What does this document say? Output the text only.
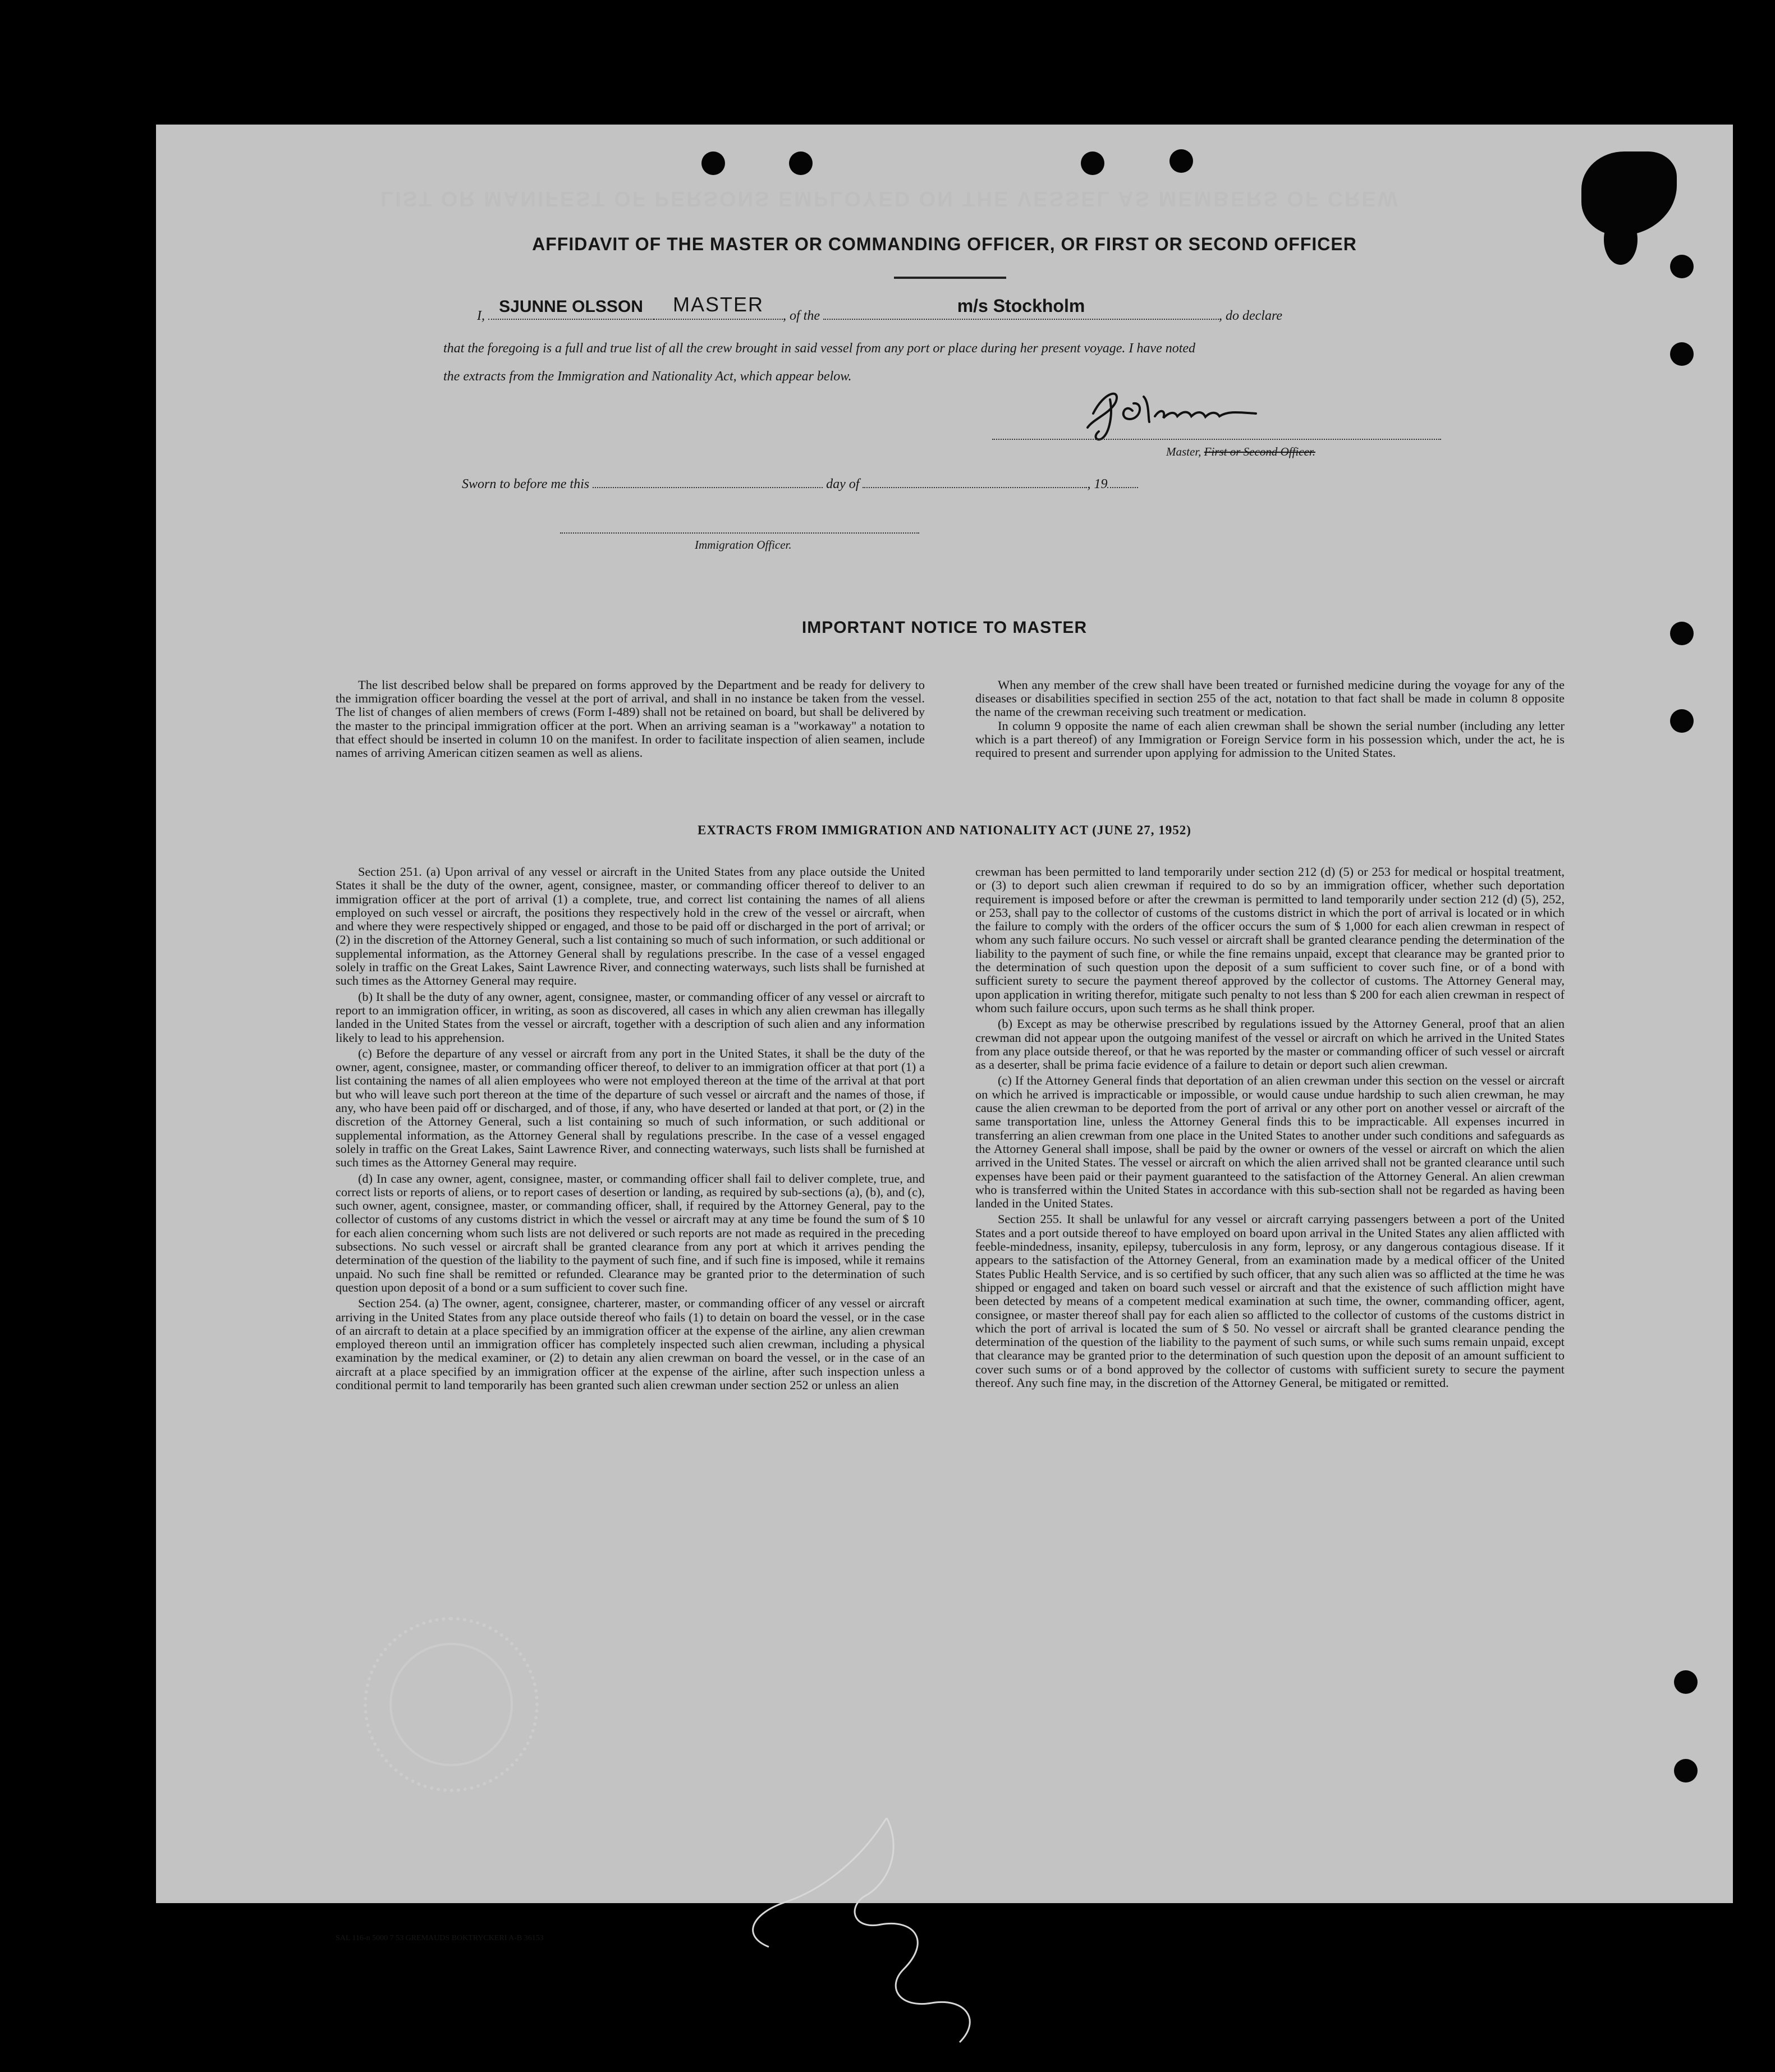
LIST OR MANIFEST OF PERSONS EMPLOYED ON THE VESSEL AS MEMBERS OF CREW
AFFIDAVIT OF THE MASTER OR COMMANDING OFFICER, OR FIRST OR SECOND OFFICER
I, SJUNNE OLSSON	MASTER	, of the	m/s Stockholm	, do declare
that the foregoing is a full and true list of all the crew brought in said vessel from any port or place during her present voyage. I have noted
the extracts from the Immigration and Nationality Act, which appear below.
Master, First or Second Officer.
Sworn to before me this	day of	, 19
Immigration Officer.
IMPORTANT NOTICE TO MASTER

The list described below shall be prepared on forms approved by the Department and be ready for delivery to the immigration officer boarding the vessel at the port of arrival, and shall in no instance be taken from the vessel. The list of changes of alien members of crews (Form I-489) shall not be retained on board, but shall be delivered by the master to the principal immigration officer at the port. When an arriving seaman is a "workaway" a notation to that effect should be inserted in column 10 on the manifest. In order to facilitate inspection of alien seamen, include names of arriving American citizen seamen as well as aliens.

When any member of the crew shall have been treated or furnished medicine during the voyage for any of the diseases or disabilities specified in section 255 of the act, notation to that fact shall be made in column 8 opposite the name of the crewman receiving such treatment or medication.

In column 9 opposite the name of each alien crewman shall be shown the serial number (including any letter which is a part thereof) of any Immigration or Foreign Service form in his possession which, under the act, he is required to present and surrender upon applying for admission to the United States.

EXTRACTS FROM IMMIGRATION AND NATIONALITY ACT (JUNE 27, 1952)

Section 251. (a) Upon arrival of any vessel or aircraft in the United States from any place outside the United States it shall be the duty of the owner, agent, consignee, master, or commanding officer thereof to deliver to an immigration officer at the port of arrival (1) a complete, true, and correct list containing the names of all aliens employed on such vessel or aircraft, the positions they respectively hold in the crew of the vessel or aircraft, when and where they were respectively shipped or engaged, and those to be paid off or discharged in the port of arrival; or (2) in the discretion of the Attorney General, such a list containing so much of such information, or such additional or supplemental information, as the Attorney General shall by regulations prescribe. In the case of a vessel engaged solely in traffic on the Great Lakes, Saint Lawrence River, and connecting waterways, such lists shall be furnished at such times as the Attorney General may require.

(b) It shall be the duty of any owner, agent, consignee, master, or commanding officer of any vessel or aircraft to report to an immigration officer, in writing, as soon as discovered, all cases in which any alien crewman has illegally landed in the United States from the vessel or aircraft, together with a description of such alien and any information likely to lead to his apprehension.

(c) Before the departure of any vessel or aircraft from any port in the United States, it shall be the duty of the owner, agent, consignee, master, or commanding officer thereof, to deliver to an immigration officer at that port (1) a list containing the names of all alien employees who were not employed thereon at the time of the arrival at that port but who will leave such port thereon at the time of the departure of such vessel or aircraft and the names of those, if any, who have been paid off or discharged, and of those, if any, who have deserted or landed at that port, or (2) in the discretion of the Attorney General, such a list containing so much of such information, or such additional or supplemental information, as the Attorney General shall by regulations prescribe. In the case of a vessel engaged solely in traffic on the Great Lakes, Saint Lawrence River, and connecting waterways, such lists shall be furnished at such times as the Attorney General may require.

(d) In case any owner, agent, consignee, master, or commanding officer shall fail to deliver complete, true, and correct lists or reports of aliens, or to report cases of desertion or landing, as required by sub-sections (a), (b), and (c), such owner, agent, consignee, master, or commanding officer, shall, if required by the Attorney General, pay to the collector of customs of any customs district in which the vessel or aircraft may at any time be found the sum of $ 10 for each alien concerning whom such lists are not delivered or such reports are not made as required in the preceding subsections. No such vessel or aircraft shall be granted clearance from any port at which it arrives pending the determination of the question of the liability to the payment of such fine, and if such fine is imposed, while it remains unpaid. No such fine shall be remitted or refunded. Clearance may be granted prior to the determination of such question upon deposit of a bond or a sum sufficient to cover such fine.

Section 254. (a) The owner, agent, consignee, charterer, master, or commanding officer of any vessel or aircraft arriving in the United States from any place outside thereof who fails (1) to detain on board the vessel, or in the case of an aircraft to detain at a place specified by an immigration officer at the expense of the airline, any alien crewman employed thereon until an immigration officer has completely inspected such alien crewman, including a physical examination by the medical examiner, or (2) to detain any alien crewman on board the vessel, or in the case of an aircraft at a place specified by an immigration officer at the expense of the airline, after such inspection unless a conditional permit to land temporarily has been granted such alien crewman under section 252 or unless an alien

crewman has been permitted to land temporarily under section 212 (d) (5) or 253 for medical or hospital treatment, or (3) to deport such alien crewman if required to do so by an immigration officer, whether such deportation requirement is imposed before or after the crewman is permitted to land temporarily under section 212 (d) (5), 252, or 253, shall pay to the collector of customs of the customs district in which the port of arrival is located or in which the failure to comply with the orders of the officer occurs the sum of $ 1,000 for each alien crewman in respect of whom any such failure occurs. No such vessel or aircraft shall be granted clearance pending the determination of the liability to the payment of such fine, or while the fine remains unpaid, except that clearance may be granted prior to the determination of such question upon the deposit of a sum sufficient to cover such fine, or of a bond with sufficient surety to secure the payment thereof approved by the collector of customs. The Attorney General may, upon application in writing therefor, mitigate such penalty to not less than $ 200 for each alien crewman in respect of whom such failure occurs, upon such terms as he shall think proper.

(b) Except as may be otherwise prescribed by regulations issued by the Attorney General, proof that an alien crewman did not appear upon the outgoing manifest of the vessel or aircraft on which he arrived in the United States from any place outside thereof, or that he was reported by the master or commanding officer of such vessel or aircraft as a deserter, shall be prima facie evidence of a failure to detain or deport such alien crewman.

(c) If the Attorney General finds that deportation of an alien crewman under this section on the vessel or aircraft on which he arrived is impracticable or impossible, or would cause undue hardship to such alien crewman, he may cause the alien crewman to be deported from the port of arrival or any other port on another vessel or aircraft of the same transportation line, unless the Attorney General finds this to be impracticable. All expenses incurred in transferring an alien crewman from one place in the United States to another under such conditions and safeguards as the Attorney General shall impose, shall be paid by the owner or owners of the vessel or aircraft on which the alien arrived in the United States. The vessel or aircraft on which the alien arrived shall not be granted clearance until such expenses have been paid or their payment guaranteed to the satisfaction of the Attorney General. An alien crewman who is transferred within the United States in accordance with this sub-section shall not be regarded as having been landed in the United States.

Section 255. It shall be unlawful for any vessel or aircraft carrying passengers between a port of the United States and a port outside thereof to have employed on board upon arrival in the United States any alien afflicted with feeble-mindedness, insanity, epilepsy, tuberculosis in any form, leprosy, or any dangerous contagious disease. If it appears to the satisfaction of the Attorney General, from an examination made by a medical officer of the United States Public Health Service, and is so certified by such officer, that any such alien was so afflicted at the time he was shipped or engaged and taken on board such vessel or aircraft and that the existence of such affliction might have been detected by means of a competent medical examination at such time, the owner, commanding officer, agent, consignee, or master thereof shall pay for each alien so afflicted to the collector of customs of the customs district in which the port of arrival is located the sum of $ 50. No vessel or aircraft shall be granted clearance pending the determination of the question of the liability to the payment of such sums, or while such sums remain unpaid, except that clearance may be granted prior to the determination of such question upon the deposit of an amount sufficient to cover such sums or of a bond approved by the collector of customs with sufficient surety to secure the payment thereof. Any such fine may, in the discretion of the Attorney General, be mitigated or remitted.

SAL 116-n 5000 7 53 GREMAUDS BOKTRYCKERI A-B 36153
